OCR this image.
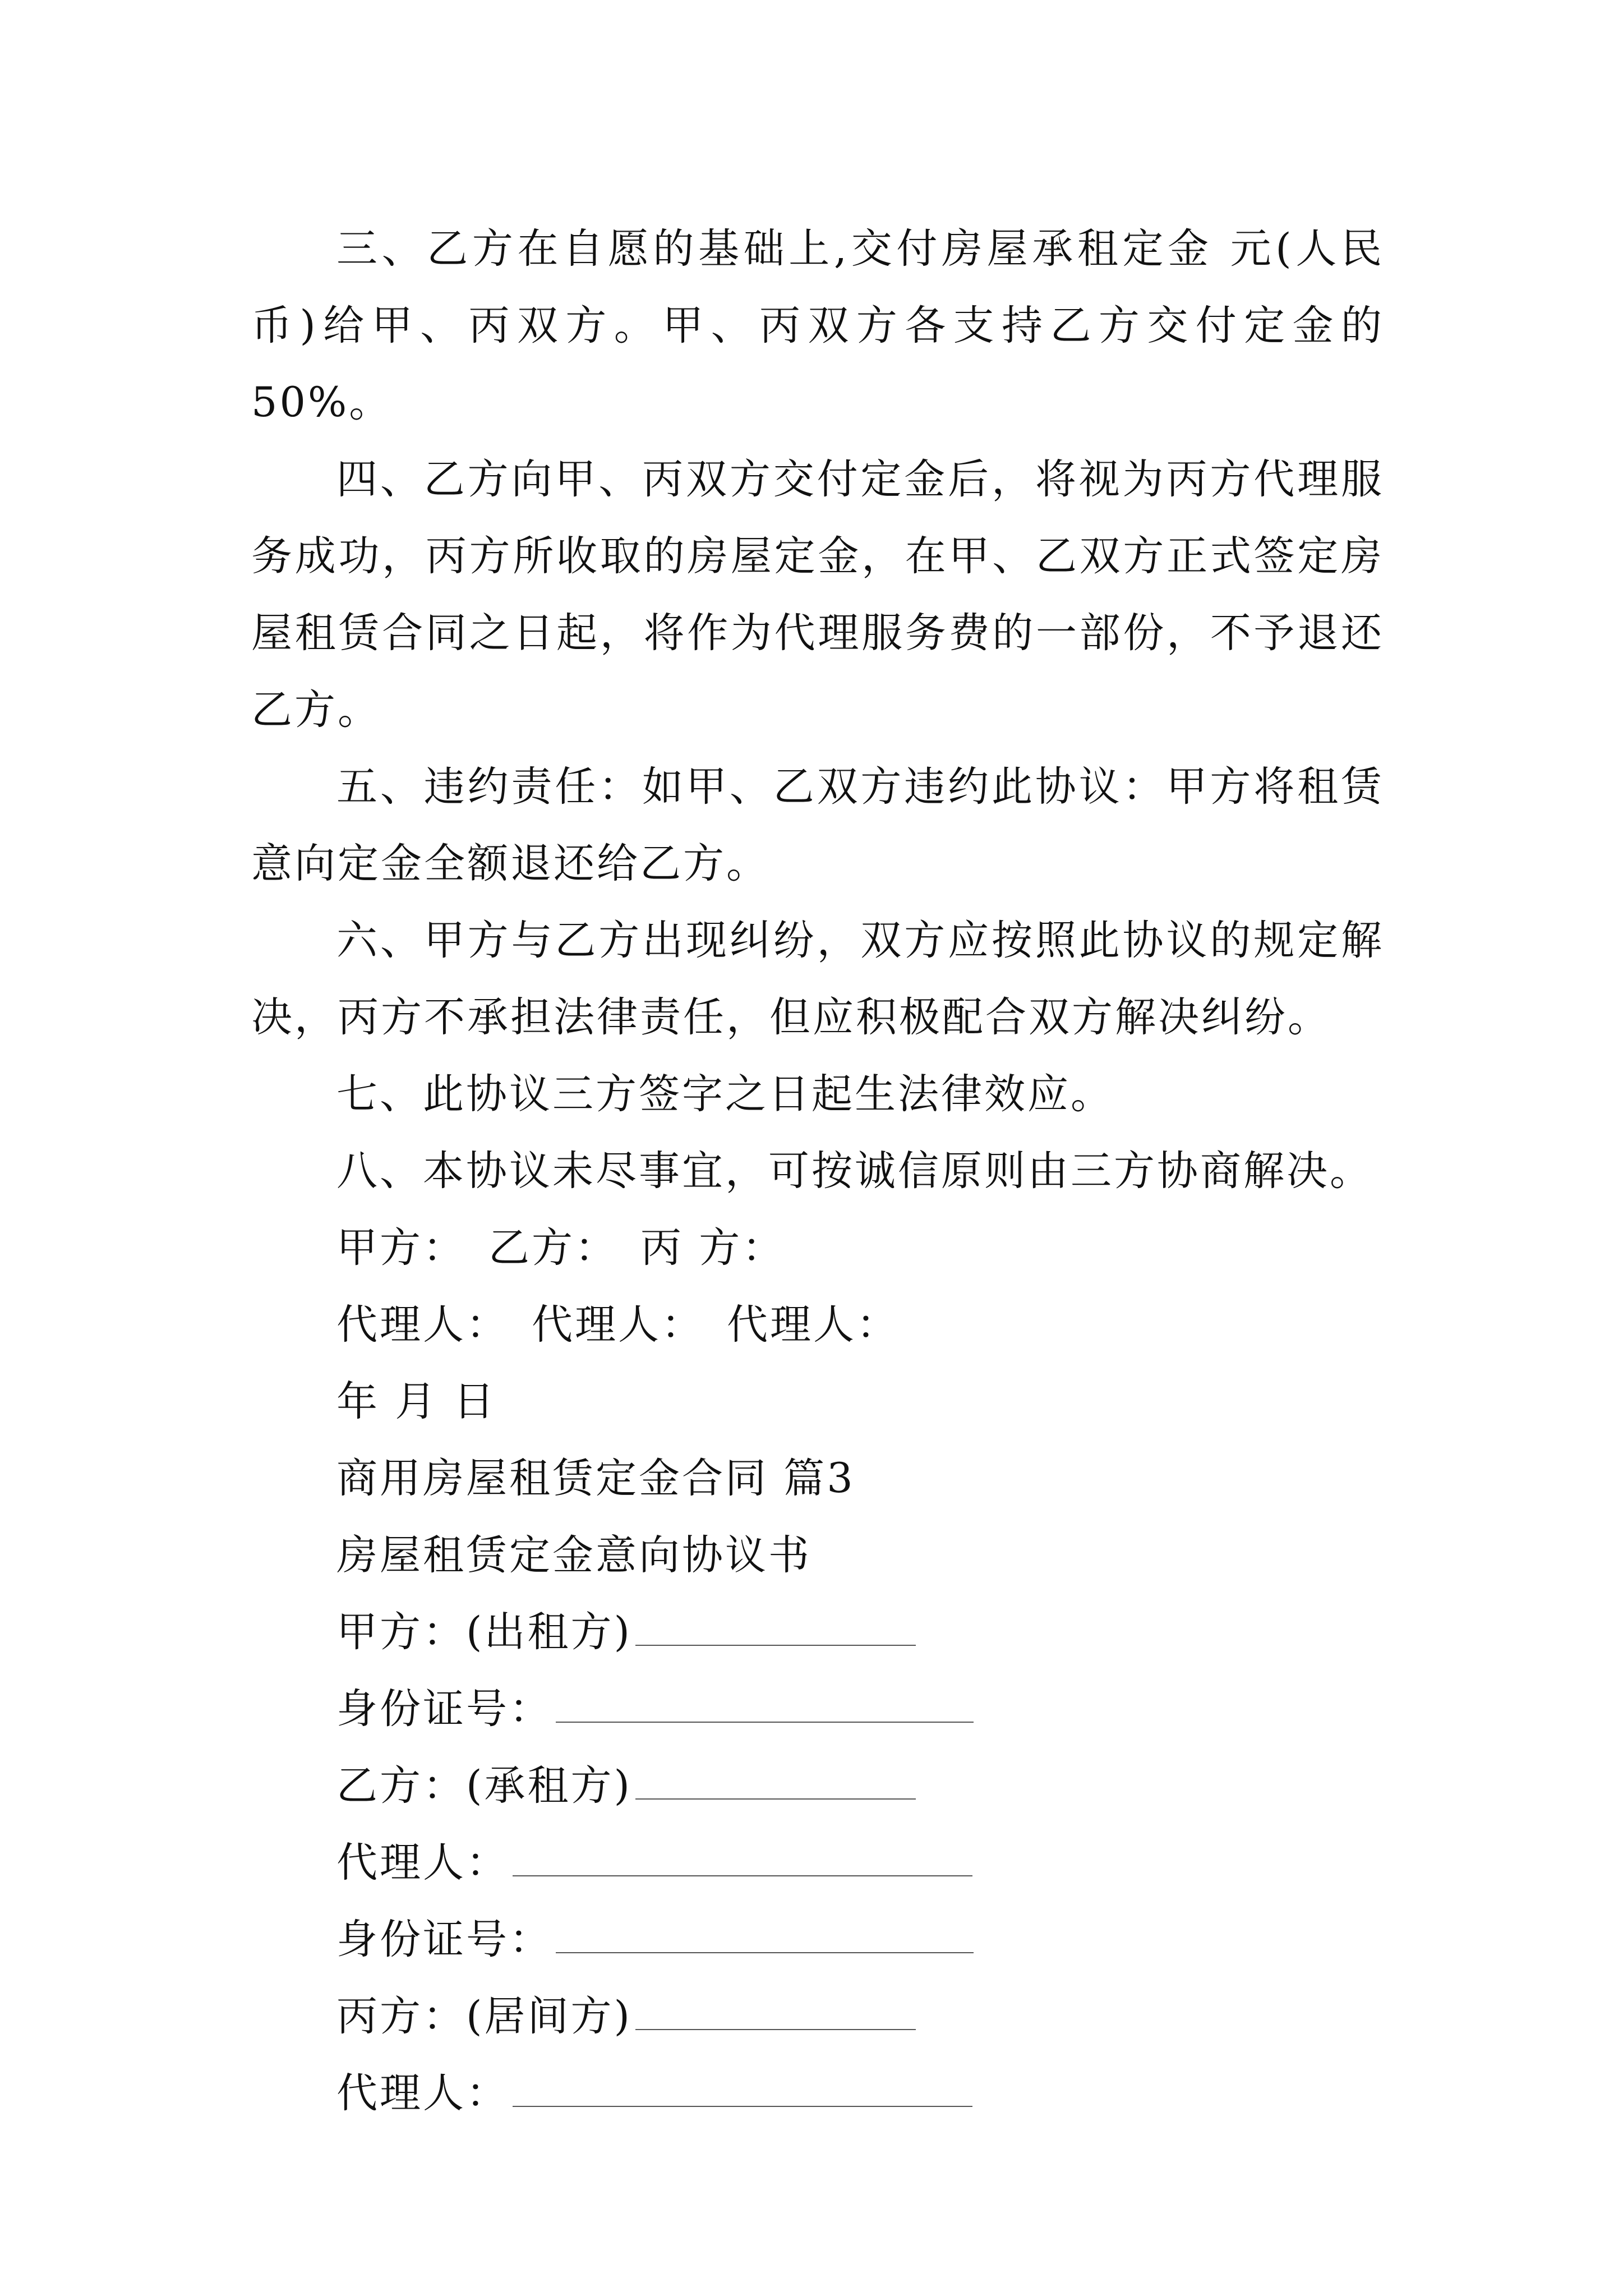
三、乙方在自愿的基础上,交付房屋承租定金 元(人民币)给甲、丙双方。甲、丙双方各支持乙方交付定金的50%。

四、乙方向甲、丙双方交付定金后，将视为丙方代理服务成功，丙方所收取的房屋定金，在甲、乙双方正式签定房屋租赁合同之日起，将作为代理服务费的一部份，不予退还乙方。

五、违约责任：如甲、乙双方违约此协议：甲方将租赁意向定金全额退还给乙方。

六、甲方与乙方出现纠纷，双方应按照此协议的规定解决，丙方不承担法律责任，但应积极配合双方解决纠纷。

七、此协议三方签字之日起生法律效应。

八、本协议未尽事宜，可按诚信原则由三方协商解决。

甲方： 乙方： 丙 方：

代理人： 代理人： 代理人：

年 月 日

商用房屋租赁定金合同 篇3

房屋租赁定金意向协议书

甲方：(出租方)

身份证号：

乙方：(承租方)

代理人：

身份证号：

丙方：(居间方)

代理人：
